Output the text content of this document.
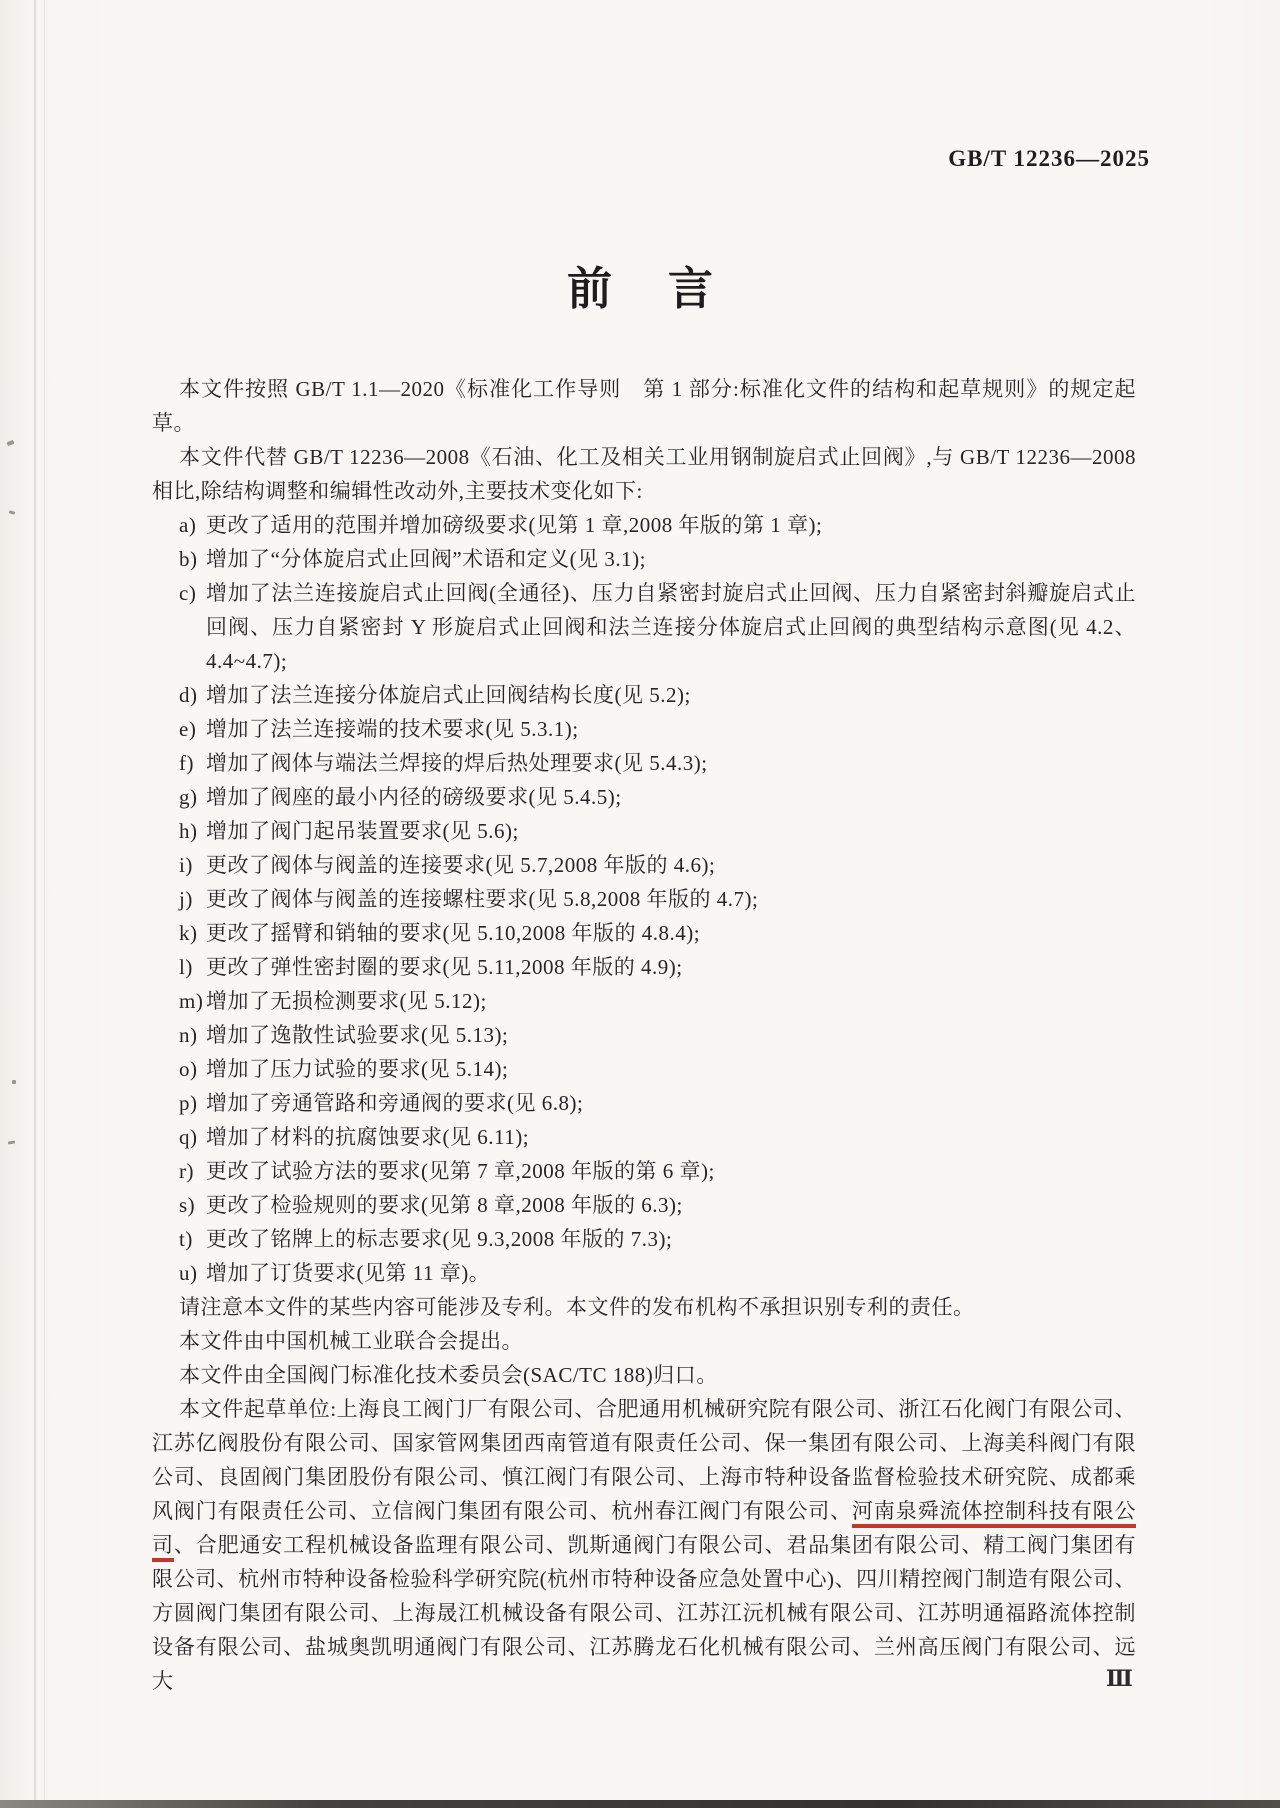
GB/T 12236—2025
前 言

本文件按照 GB/T 1.1—2020《标准化工作导则　第 1 部分:标准化文件的结构和起草规则》的规定起草。

本文件代替 GB/T 12236—2008《石油、化工及相关工业用钢制旋启式止回阀》,与 GB/T 12236—2008 相比,除结构调整和编辑性改动外,主要技术变化如下:

a) 更改了适用的范围并增加磅级要求(见第 1 章,2008 年版的第 1 章);
b) 增加了“分体旋启式止回阀”术语和定义(见 3.1);
c) 增加了法兰连接旋启式止回阀(全通径)、压力自紧密封旋启式止回阀、压力自紧密封斜瓣旋启式止回阀、压力自紧密封 Y 形旋启式止回阀和法兰连接分体旋启式止回阀的典型结构示意图(见 4.2、4.4~4.7);
d) 增加了法兰连接分体旋启式止回阀结构长度(见 5.2);
e) 增加了法兰连接端的技术要求(见 5.3.1);
f) 增加了阀体与端法兰焊接的焊后热处理要求(见 5.4.3);
g) 增加了阀座的最小内径的磅级要求(见 5.4.5);
h) 增加了阀门起吊装置要求(见 5.6);
i) 更改了阀体与阀盖的连接要求(见 5.7,2008 年版的 4.6);
j) 更改了阀体与阀盖的连接螺柱要求(见 5.8,2008 年版的 4.7);
k) 更改了摇臂和销轴的要求(见 5.10,2008 年版的 4.8.4);
l) 更改了弹性密封圈的要求(见 5.11,2008 年版的 4.9);
m) 增加了无损检测要求(见 5.12);
n) 增加了逸散性试验要求(见 5.13);
o) 增加了压力试验的要求(见 5.14);
p) 增加了旁通管路和旁通阀的要求(见 6.8);
q) 增加了材料的抗腐蚀要求(见 6.11);
r) 更改了试验方法的要求(见第 7 章,2008 年版的第 6 章);
s) 更改了检验规则的要求(见第 8 章,2008 年版的 6.3);
t) 更改了铭牌上的标志要求(见 9.3,2008 年版的 7.3);
u) 增加了订货要求(见第 11 章)。

请注意本文件的某些内容可能涉及专利。本文件的发布机构不承担识别专利的责任。

本文件由中国机械工业联合会提出。

本文件由全国阀门标准化技术委员会(SAC/TC 188)归口。

本文件起草单位:上海良工阀门厂有限公司、合肥通用机械研究院有限公司、浙江石化阀门有限公司、江苏亿阀股份有限公司、国家管网集团西南管道有限责任公司、保一集团有限公司、上海美科阀门有限公司、良固阀门集团股份有限公司、慎江阀门有限公司、上海市特种设备监督检验技术研究院、成都乘风阀门有限责任公司、立信阀门集团有限公司、杭州春江阀门有限公司、河南泉舜流体控制科技有限公司、合肥通安工程机械设备监理有限公司、凯斯通阀门有限公司、君品集团有限公司、精工阀门集团有限公司、杭州市特种设备检验科学研究院(杭州市特种设备应急处置中心)、四川精控阀门制造有限公司、方圆阀门集团有限公司、上海晟江机械设备有限公司、江苏江沅机械有限公司、江苏明通福路流体控制设备有限公司、盐城奥凯明通阀门有限公司、江苏腾龙石化机械有限公司、兰州高压阀门有限公司、远大	Ⅲ
